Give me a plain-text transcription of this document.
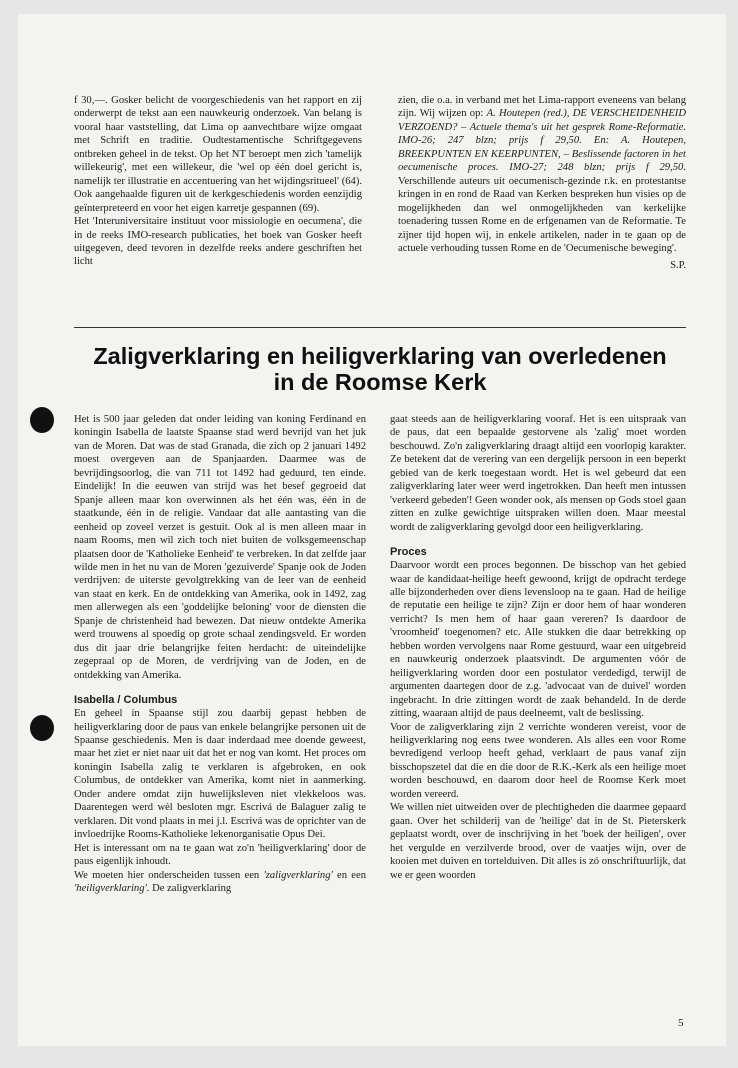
f 30,—. Gosker belicht de voorgeschiedenis van het rapport en zij onderwerpt de tekst aan een nauwkeurig onderzoek. Van belang is vooral haar vaststelling, dat Lima op aanvechtbare wijze omgaat met Schrift en traditie. Oudtestamentische Schriftgegevens ontbreken geheel in de tekst. Op het NT beroept men zich 'tamelijk willekeurig', met een willekeur, die 'wel op één doel gericht is, namelijk ter illustratie en accentuering van het wijdingsritueel' (64). Ook aangehaalde figuren uit de kerkgeschiedenis worden eenzijdig geïnterpreteerd en voor het eigen karretje gespannen (69).

Het 'Interuniversitaire instituut voor missiologie en oecumena', die in de reeks IMO-research publicaties, het boek van Gosker heeft uitgegeven, deed tevoren in dezelfde reeks andere geschriften het licht

zien, die o.a. in verband met het Lima-rapport eveneens van belang zijn. Wij wijzen op: A. Houtepen (red.), DE VERSCHEIDENHEID VERZOEND? – Actuele thema's uit het gesprek Rome-Reformatie. IMO-26; 247 blzn; prijs f 29,50. En: A. Houtepen, BREEKPUNTEN EN KEERPUNTEN, – Beslissende factoren in het oecumenische proces. IMO-27; 248 blzn; prijs f 29,50. Verschillende auteurs uit oecumenisch-gezinde r.k. en protestantse kringen in en rond de Raad van Kerken bespreken hun visies op de mogelijkheden dan wel onmogelijkheden van kerkelijke toenadering tussen Rome en de erfgenamen van de Reformatie. Te zijner tijd hopen wij, in enkele artikelen, nader in te gaan op de actuele verhouding tussen Rome en de 'Oecumenische beweging'.

S.P.

Zaligverklaring en heiligverklaring van overledenen
in de Roomse Kerk

Het is 500 jaar geleden dat onder leiding van koning Ferdinand en koningin Isabella de laatste Spaanse stad werd bevrijd van het juk van de Moren. Dat was de stad Granada, die zich op 2 januari 1492 moest overgeven aan de Spanjaarden. Daarmee was de bevrijdingsoorlog, die van 711 tot 1492 had geduurd, ten einde. Eindelijk! In die eeuwen van strijd was het besef gegroeid dat Spanje alleen maar kon overwinnen als het één was, één in de staatkunde, één in de religie. Vandaar dat alle aantasting van die eenheid op zoveel verzet is gestuit. Ook al is men alleen maar in naam Rooms, men wil zich toch niet buiten de volksgemeenschap plaatsen door de 'Katholieke Eenheid' te verbreken. In dat zelfde jaar wilde men in het nu van de Moren 'gezuiverde' Spanje ook de Joden verdrijven: de uiterste gevolgtrekking van de leer van de eenheid van staat en kerk. En de ontdekking van Amerika, ook in 1492, zag men allerwegen als een 'goddelijke beloning' voor de diensten die Spanje de christenheid had bewezen. Dat nieuw ontdekte Amerika werd trouwens al spoedig op grote schaal zendingsveld. Er worden dus dit jaar drie belangrijke feiten herdacht: de uiteindelijke zegepraal op de Moren, de verdrijving van de Joden, en de ontdekking van Amerika.

Isabella / Columbus

En geheel in Spaanse stijl zou daarbij gepast hebben de heiligverklaring door de paus van enkele belangrijke personen uit de Spaanse geschiedenis. Men is daar inderdaad mee doende geweest, maar het ziet er niet naar uit dat het er nog van komt. Het proces om koningin Isabella zalig te verklaren is afgebroken, en ook Columbus, de ontdekker van Amerika, komt niet in aanmerking. Onder andere omdat zijn huwelijksleven niet vlekkeloos was. Daarentegen werd wèl besloten mgr. Escrivá de Balaguer zalig te verklaren. Dit vond plaats in mei j.l. Escrivá was de oprichter van de invloedrijke Rooms-Katholieke lekenorganisatie Opus Dei.

Het is interessant om na te gaan wat zo'n 'heiligverklaring' door de paus eigenlijk inhoudt.

We moeten hier onderscheiden tussen een 'zaligverklaring' en een 'heiligverklaring'. De zaligverklaring

gaat steeds aan de heiligverklaring vooraf. Het is een uitspraak van de paus, dat een bepaalde gestorvene als 'zalig' moet worden beschouwd. Zo'n zaligverklaring draagt altijd een voorlopig karakter. Ze betekent dat de verering van een dergelijk persoon in een beperkt gebied van de kerk toegestaan wordt. Het is wel gebeurd dat een zaligverklaring later weer werd ingetrokken. Dan heeft men intussen 'verkeerd gebeden'! Geen wonder ook, als mensen op Gods stoel gaan zitten en zulke gewichtige uitspraken willen doen. Maar meestal wordt de zaligverklaring gevolgd door een heiligverklaring.

Proces

Daarvoor wordt een proces begonnen. De bisschop van het gebied waar de kandidaat-heilige heeft gewoond, krijgt de opdracht terdege alle bijzonderheden over diens levensloop na te gaan. Had de heilige de reputatie een heilige te zijn? Zijn er door hem of haar wonderen verricht? Is men hem of haar gaan vereren? Is daardoor de 'vroomheid' toegenomen? etc. Alle stukken die daar betrekking op hebben worden vervolgens naar Rome gestuurd, waar een uitgebreid en nauwkeurig onderzoek plaatsvindt. De argumenten vóór de heiligverklaring worden door een postulator verdedigd, terwijl de argumenten daartegen door de z.g. 'advocaat van de duivel' worden ingebracht. In drie zittingen wordt de zaak behandeld. In de derde zitting, waaraan altijd de paus deelneemt, valt de beslissing.

Voor de zaligverklaring zijn 2 verrichte wonderen vereist, voor de heiligverklaring nog eens twee wonderen. Als alles een voor Rome bevredigend verloop heeft gehad, verklaart de paus vanaf zijn bisschopszetel dat die en die door de R.K.-Kerk als een heilige moet worden beschouwd, en daarom door heel de Roomse Kerk moet worden vereerd.

We willen niet uitweiden over de plechtigheden die daarmee gepaard gaan. Over het schilderij van de 'heilige' dat in de St. Pieterskerk geplaatst wordt, over de inschrijving in het 'boek der heiligen', over het vergulde en verzilverde brood, over de vaatjes wijn, over de kooien met duiven en tortelduiven. Dit alles is zó onschriftuurlijk, dat we er geen woorden

5
